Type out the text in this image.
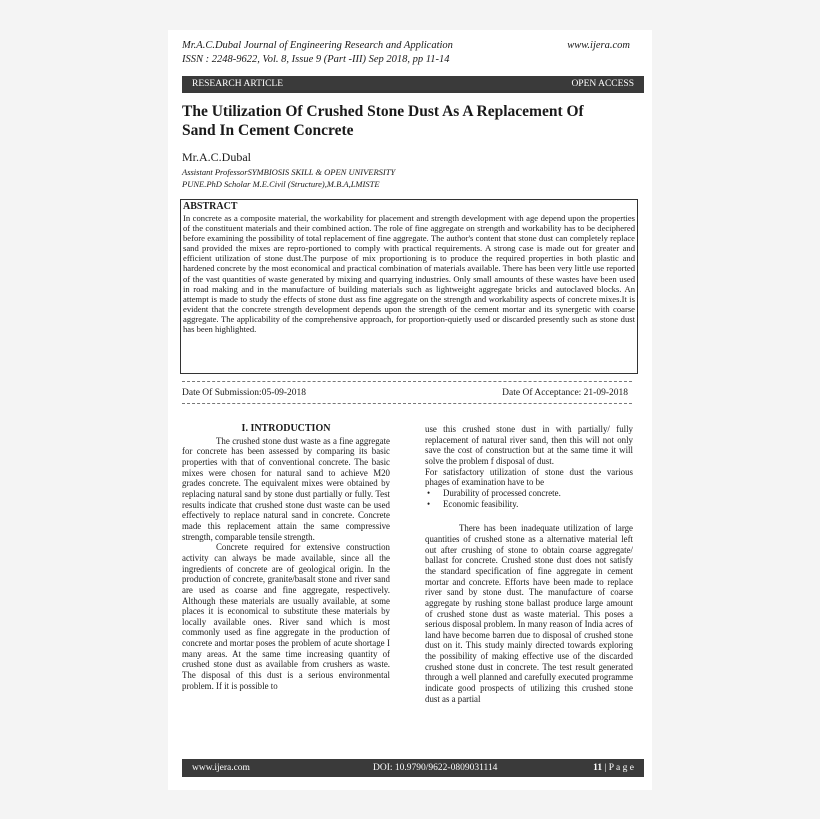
Mr.A.C.Dubal Journal of Engineering Research and Application	www.ijera.com
ISSN : 2248-9622, Vol. 8, Issue 9 (Part -III) Sep 2018, pp 11-14
RESEARCH ARTICLE	OPEN ACCESS
The Utilization Of Crushed Stone Dust As A Replacement Of
Sand In Cement Concrete
Mr.A.C.Dubal
Assistant ProfessorSYMBIOSIS SKILL & OPEN UNIVERSITY
PUNE.PhD Scholar M.E.Civil (Structure),M.B.A,LMISTE
ABSTRACT
In concrete as a composite material, the workability for placement and strength development with age depend upon the properties of the constituent materials and their combined action. The role of fine aggregate on strength and workability has to be deciphered before examining the possibility of total replacement of fine aggregate. The author's content that stone dust can completely replace sand provided the mixes are repro-portioned to comply with practical requirements. A strong case is made out for greater and efficient utilization of stone dust.The purpose of mix proportioning is to produce the required properties in both plastic and hardened concrete by the most economical and practical combination of materials available. There has been very little use reported of the vast quantities of waste generated by mixing and quarrying industries. Only small amounts of these wastes have been used in road making and in the manufacture of building materials such as lightweight aggregate bricks and autoclaved blocks. An attempt is made to study the effects of stone dust ass fine aggregate on the strength and workability aspects of concrete mixes.It is evident that the concrete strength development depends upon the strength of the cement mortar and its synergetic with coarse aggregate. The applicability of the comprehensive approach, for proportion-quietly used or discarded presently such as stone dust has been highlighted.
Date Of Submission:05-09-2018	Date Of Acceptance: 21-09-2018

I. INTRODUCTION

The crushed stone dust waste as a fine aggregate for concrete has been assessed by comparing its basic properties with that of conventional concrete. The basic mixes were chosen for natural sand to achieve M20 grades concrete. The equivalent mixes were obtained by replacing natural sand by stone dust partially or fully. Test results indicate that crushed stone dust waste can be used effectively to replace natural sand in concrete. Concrete made this replacement attain the same compressive strength, comparable tensile strength.

Concrete required for extensive construction activity can always be made available, since all the ingredients of concrete are of geological origin. In the production of concrete, granite/basalt stone and river sand are used as coarse and fine aggregate, respectively. Although these materials are usually available, at some places it is economical to substitute these materials by locally available ones. River sand which is most commonly used as fine aggregate in the production of concrete and mortar poses the problem of acute shortage I many areas. At the same time increasing quantity of crushed stone dust as available from crushers as waste. The disposal of this dust is a serious environmental problem. If it is possible to

use this crushed stone dust in with partially/ fully replacement of natural river sand, then this will not only save the cost of construction but at the same time it will solve the problem f disposal of dust.

For satisfactory utilization of stone dust the various phages of examination have to be

• Durability of processed concrete.

• Economic feasibility.

There has been inadequate utilization of large quantities of crushed stone as a alternative material left out after crushing of stone to obtain coarse aggregate/ ballast for concrete. Crushed stone dust does not satisfy the standard specification of fine aggregate in cement mortar and concrete. Efforts have been made to replace river sand by stone dust. The manufacture of coarse aggregate by rushing stone ballast produce large amount of crushed stone dust as waste material. This poses a serious disposal problem. In many reason of India acres of land have become barren due to disposal of crushed stone dust on it. This study mainly directed towards exploring the possibility of making effective use of the discarded crushed stone dust in concrete. The test result generated through a well planned and carefully executed programme indicate good prospects of utilizing this crushed stone dust as a partial

www.ijera.com	DOI: 10.9790/9622-0809031114	11 | P a g e
